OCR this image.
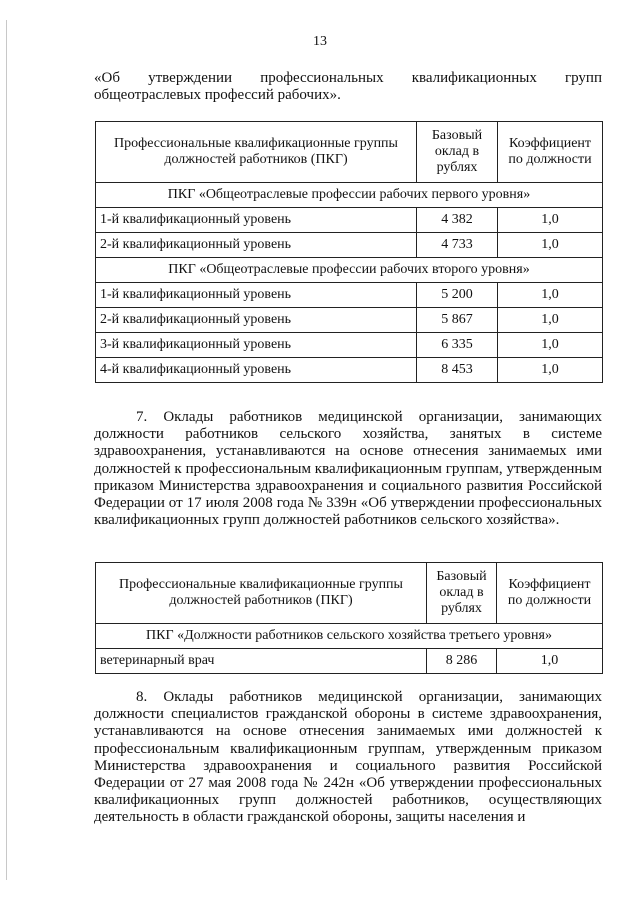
13

«Об утверждении профессиональных квалификационных групп
общеотраслевых профессий рабочих».

Профессиональные квалификационные группы должностей работников (ПКГ)	Базовый оклад в рублях	Коэффициент по должности
ПКГ «Общеотраслевые профессии рабочих первого уровня»		
1-й квалификационный уровень	4 382	1,0
2-й квалификационный уровень	4 733	1,0
ПКГ «Общеотраслевые профессии рабочих второго уровня»		
1-й квалификационный уровень	5 200	1,0
2-й квалификационный уровень	5 867	1,0
3-й квалификационный уровень	6 335	1,0
4-й квалификационный уровень	8 453	1,0

7. Оклады работников медицинской организации, занимающих должности работников сельского хозяйства, занятых в системе здравоохранения, устанавливаются на основе отнесения занимаемых ими должностей к профессиональным квалификационным группам, утвержденным приказом Министерства здравоохранения и социального развития Российской Федерации от 17 июля 2008 года № 339н «Об утверждении профессиональных квалификационных групп должностей работников сельского хозяйства».

Профессиональные квалификационные группы должностей работников (ПКГ)	Базовый оклад в рублях	Коэффициент по должности
ПКГ «Должности работников сельского хозяйства третьего уровня»		
ветеринарный врач	8 286	1,0

8. Оклады работников медицинской организации, занимающих должности специалистов гражданской обороны в системе здравоохранения, устанавливаются на основе отнесения занимаемых ими должностей к профессиональным квалификационным группам, утвержденным приказом Министерства здравоохранения и социального развития Российской Федерации от 27 мая 2008 года № 242н «Об утверждении профессиональных квалификационных групп должностей работников, осуществляющих деятельность в области гражданской обороны, защиты населения и
